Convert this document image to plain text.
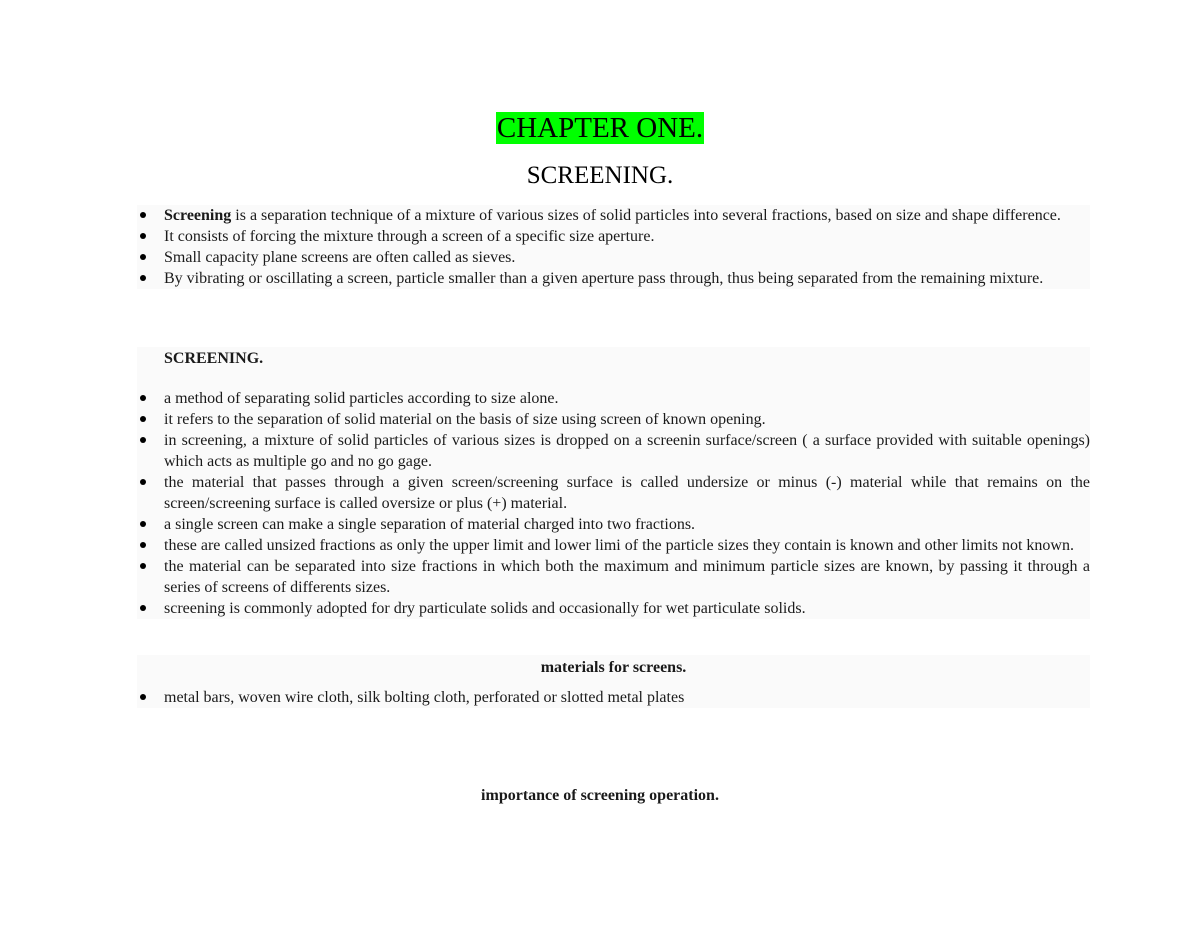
CHAPTER ONE.
SCREENING.
Screening is a separation technique of a mixture of various sizes of solid particles into several fractions, based on size and shape difference.
It consists of forcing the mixture through a screen of a specific size aperture.
Small capacity plane screens are often called as sieves.
By vibrating or oscillating a screen, particle smaller than a given aperture pass through, thus being separated from the remaining mixture.
SCREENING.
a method of separating solid particles according to size alone.
it refers to the separation of solid material on the basis of size using screen of known opening.
in screening, a mixture of solid particles of various sizes is dropped on a screenin surface/screen ( a surface provided with suitable openings) which acts as multiple go and no go gage.
the material that passes through a given screen/screening surface is called undersize or minus (-) material while that remains on the screen/screening surface is called oversize or plus (+) material.
a single screen can make a single separation of material charged into two fractions.
these are called unsized fractions as only the upper limit and lower limi of the particle sizes they contain is known and other limits not known.
the material can be separated into size fractions in which both the maximum and minimum particle sizes are known, by passing it through a series of screens of differents sizes.
screening is commonly adopted for dry particulate solids and occasionally for wet particulate solids.
materials for screens.
metal bars, woven wire cloth, silk bolting cloth, perforated or slotted metal plates
importance of screening operation.
